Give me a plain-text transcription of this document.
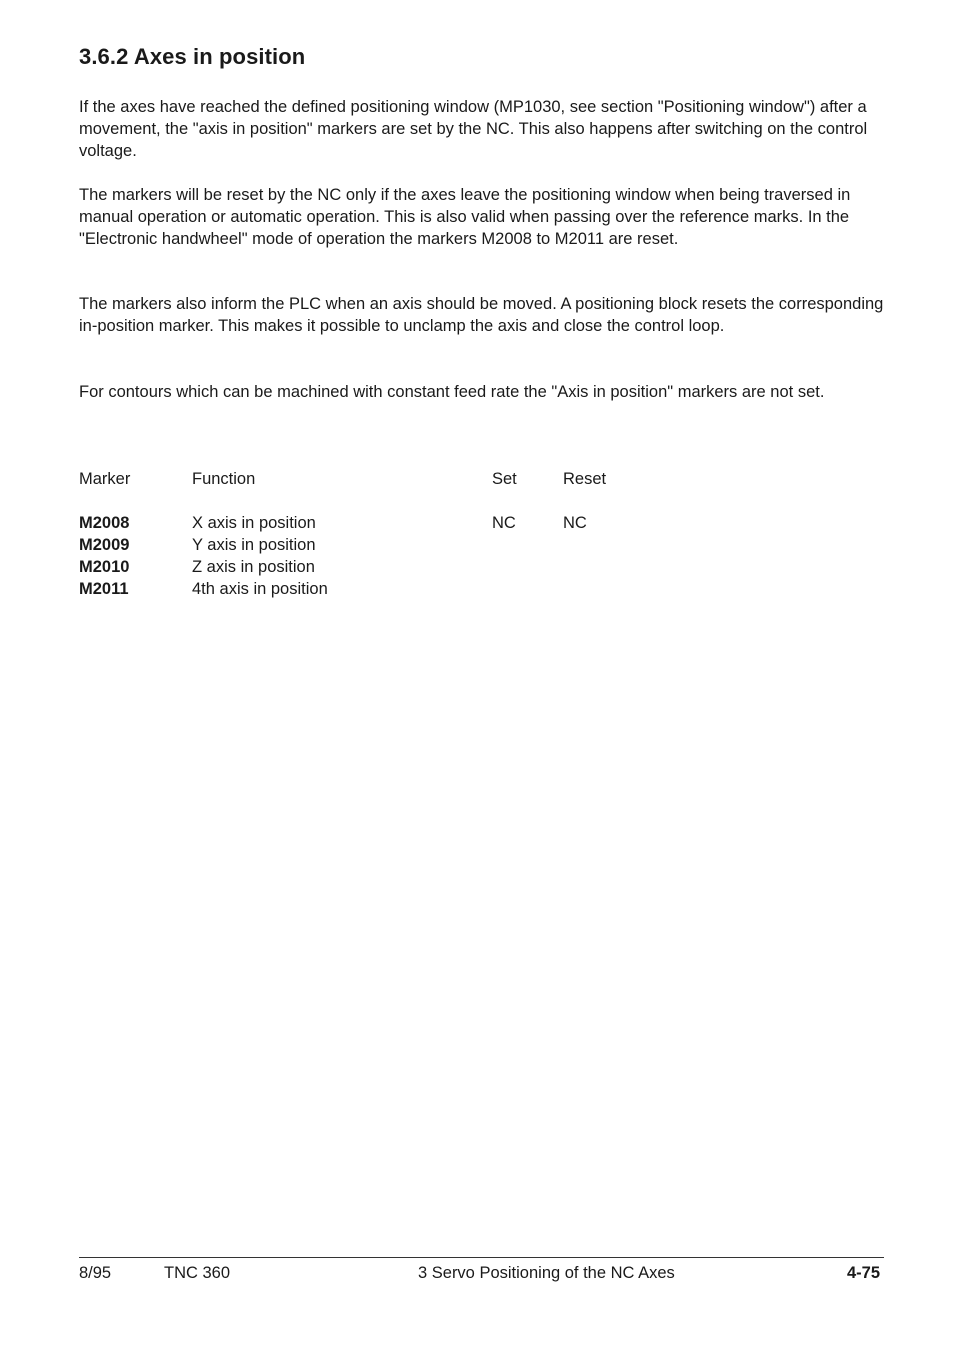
3.6.2 Axes in position

If the axes have reached the defined positioning window (MP1030, see section "Positioning window") after a movement, the "axis in position" markers are set by the NC. This also happens after switching on the control voltage.

The markers will be reset by the NC only if the axes leave the positioning window when being traversed in manual operation or automatic operation. This is also valid when passing over the reference marks. In the "Electronic handwheel" mode of operation the markers M2008 to M2011 are reset.

The markers also inform the PLC when an axis should be moved. A positioning block resets the corresponding in-position marker. This makes it possible to unclamp the axis and close the control loop.

For contours which can be machined with constant feed rate the "Axis in position" markers are not set.

Marker	Function	Set	Reset
M2008	X axis in position	NC	NC
M2009	Y axis in position
M2010	Z axis in position
M2011	4th axis in position
8/95	TNC 360	3 Servo Positioning of the NC Axes	4-75
